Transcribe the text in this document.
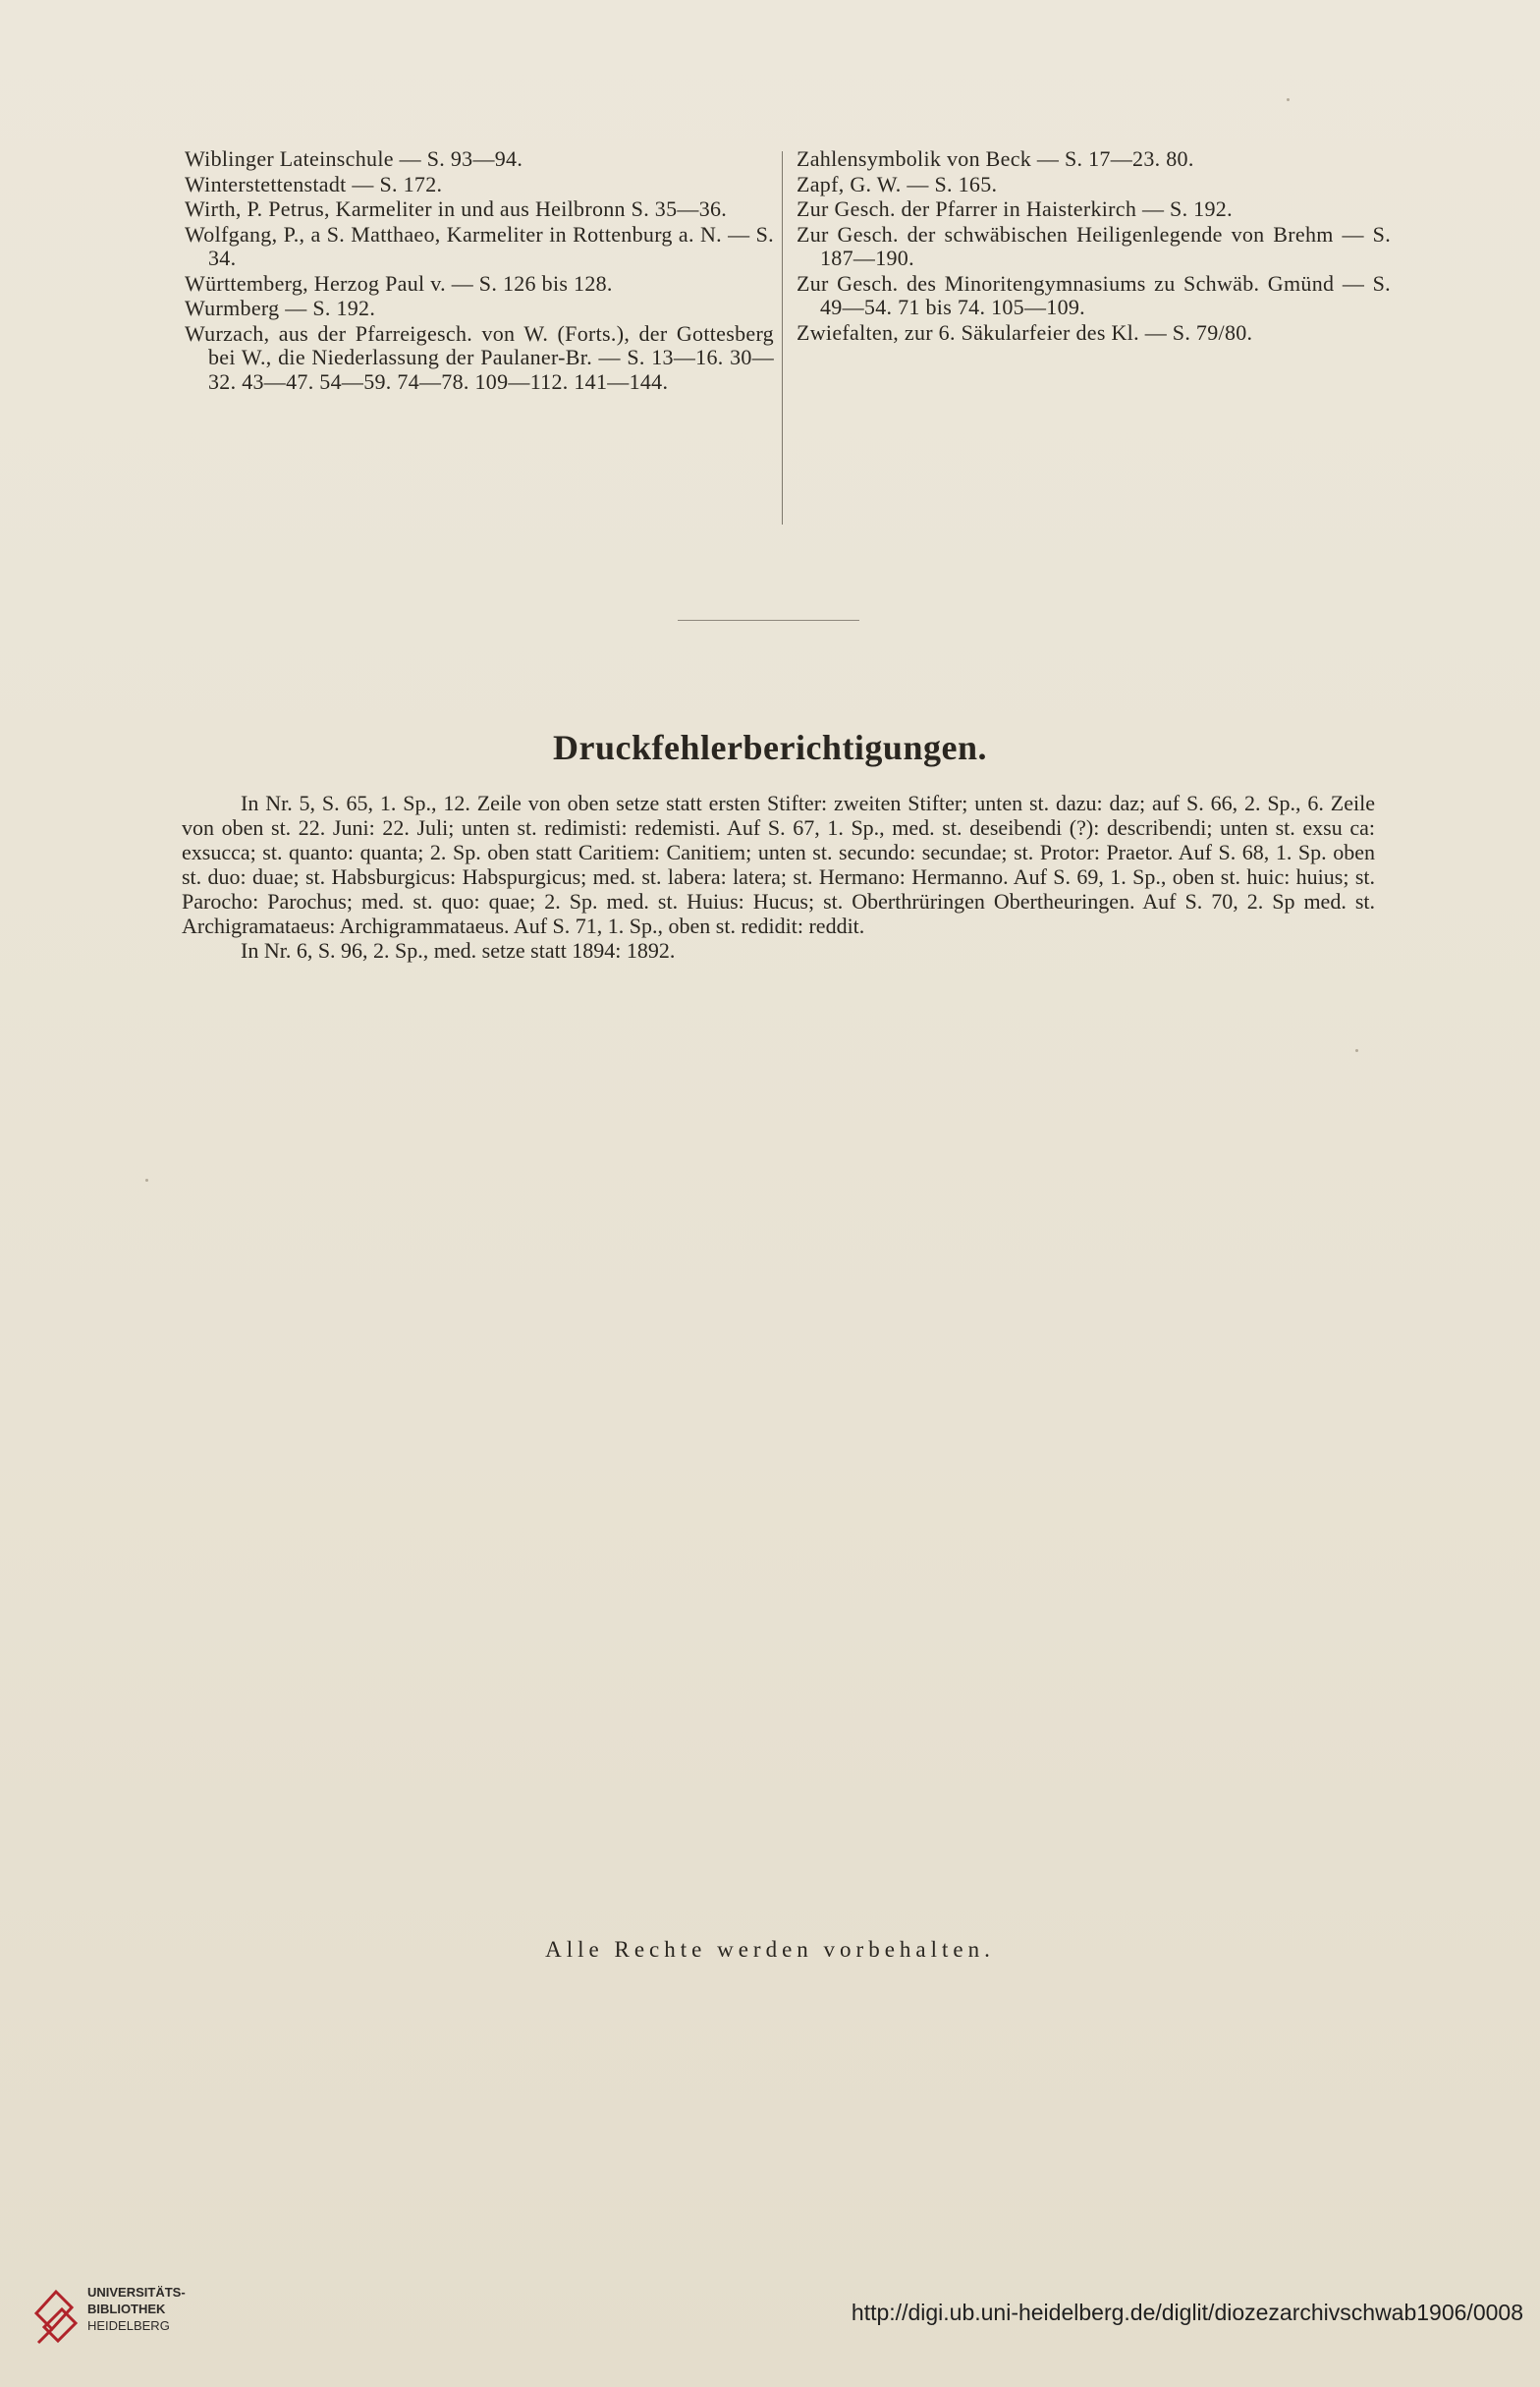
Wiblinger Lateinschule — S. 93—94.

Winterstettenstadt — S. 172.

Wirth, P. Petrus, Karmeliter in und aus Heilbronn S. 35—36.

Wolfgang, P., a S. Matthaeo, Karmeliter in Rottenburg a. N. — S. 34.

Württemberg, Herzog Paul v. — S. 126 bis 128.

Wurmberg — S. 192.

Wurzach, aus der Pfarreigesch. von W. (Forts.), der Gottesberg bei W., die Niederlassung der Paulaner-Br. — S. 13—16. 30—32. 43—47. 54—59. 74—78. 109—112. 141—144.

Zahlensymbolik von Beck — S. 17—23. 80.

Zapf, G. W. — S. 165.

Zur Gesch. der Pfarrer in Haisterkirch — S. 192.

Zur Gesch. der schwäbischen Heiligenlegende von Brehm — S. 187—190.

Zur Gesch. des Minoritengymnasiums zu Schwäb. Gmünd — S. 49—54. 71 bis 74. 105—109.

Zwiefalten, zur 6. Säkularfeier des Kl. — S. 79/80.

Druckfehlerberichtigungen.

In Nr. 5, S. 65, 1. Sp., 12. Zeile von oben setze statt ersten Stifter: zweiten Stifter; unten st. dazu: daz; auf S. 66, 2. Sp., 6. Zeile von oben st. 22. Juni: 22. Juli; unten st. redimisti: redemisti. Auf S. 67, 1. Sp., med. st. deseibendi (?): describendi; unten st. exsu ca: exsucca; st. quanto: quanta; 2. Sp. oben statt Caritiem: Canitiem; unten st. secundo: secundae; st. Protor: Praetor. Auf S. 68, 1. Sp. oben st. duo: duae; st. Habsburgicus: Habspurgicus; med. st. labera: latera; st. Hermano: Hermanno. Auf S. 69, 1. Sp., oben st. huic: huius; st. Parocho: Parochus; med. st. quo: quae; 2. Sp. med. st. Huius: Hucus; st. Oberthrüringen Obertheuringen. Auf S. 70, 2. Sp med. st. Archigramataeus: Archigrammataeus. Auf S. 71, 1. Sp., oben st. redidit: reddit.

In Nr. 6, S. 96, 2. Sp., med. setze statt 1894: 1892.

Alle Rechte werden vorbehalten.
UNIVERSITÄTS-
BIBLIOTHEK
HEIDELBERG
http://digi.ub.uni-heidelberg.de/diglit/diozezarchivschwab1906/0008
